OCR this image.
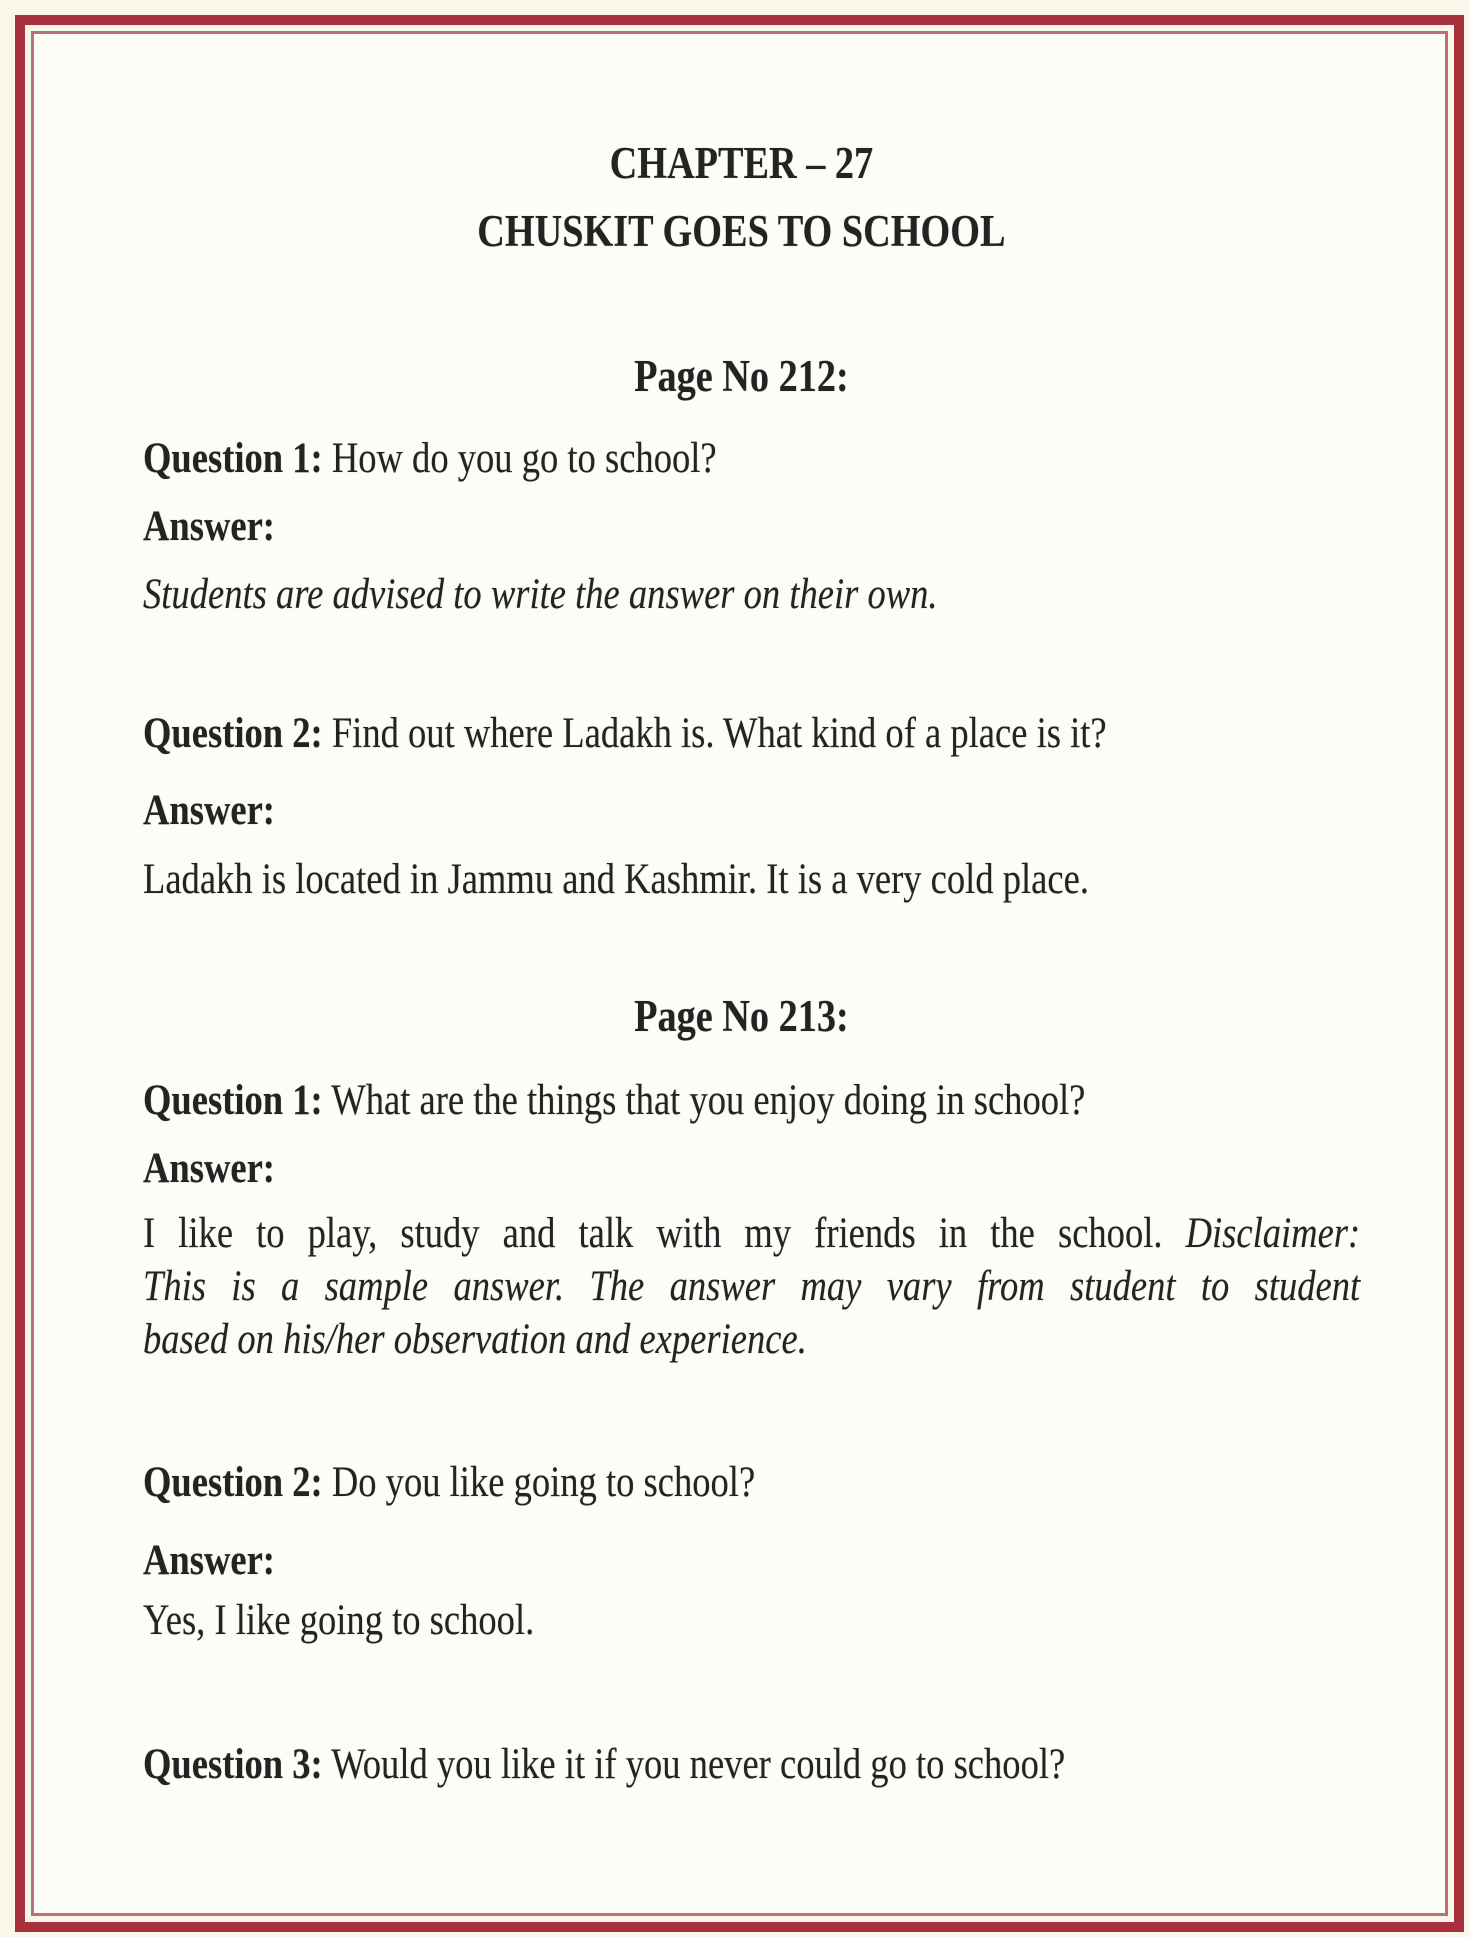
CHAPTER – 27
CHUSKIT GOES TO SCHOOL
Page No 212:
Question 1: How do you go to school?
Answer:
Students are advised to write the answer on their own.
Question 2: Find out where Ladakh is. What kind of a place is it?
Answer:
Ladakh is located in Jammu and Kashmir. It is a very cold place.
Page No 213:
Question 1: What are the things that you enjoy doing in school?
Answer:
I like to play, study and talk with my friends in the school. Disclaimer:
This is a sample answer. The answer may vary from student to student
based on his/her observation and experience.
Question 2: Do you like going to school?
Answer:
Yes, I like going to school.
Question 3: Would you like it if you never could go to school?
